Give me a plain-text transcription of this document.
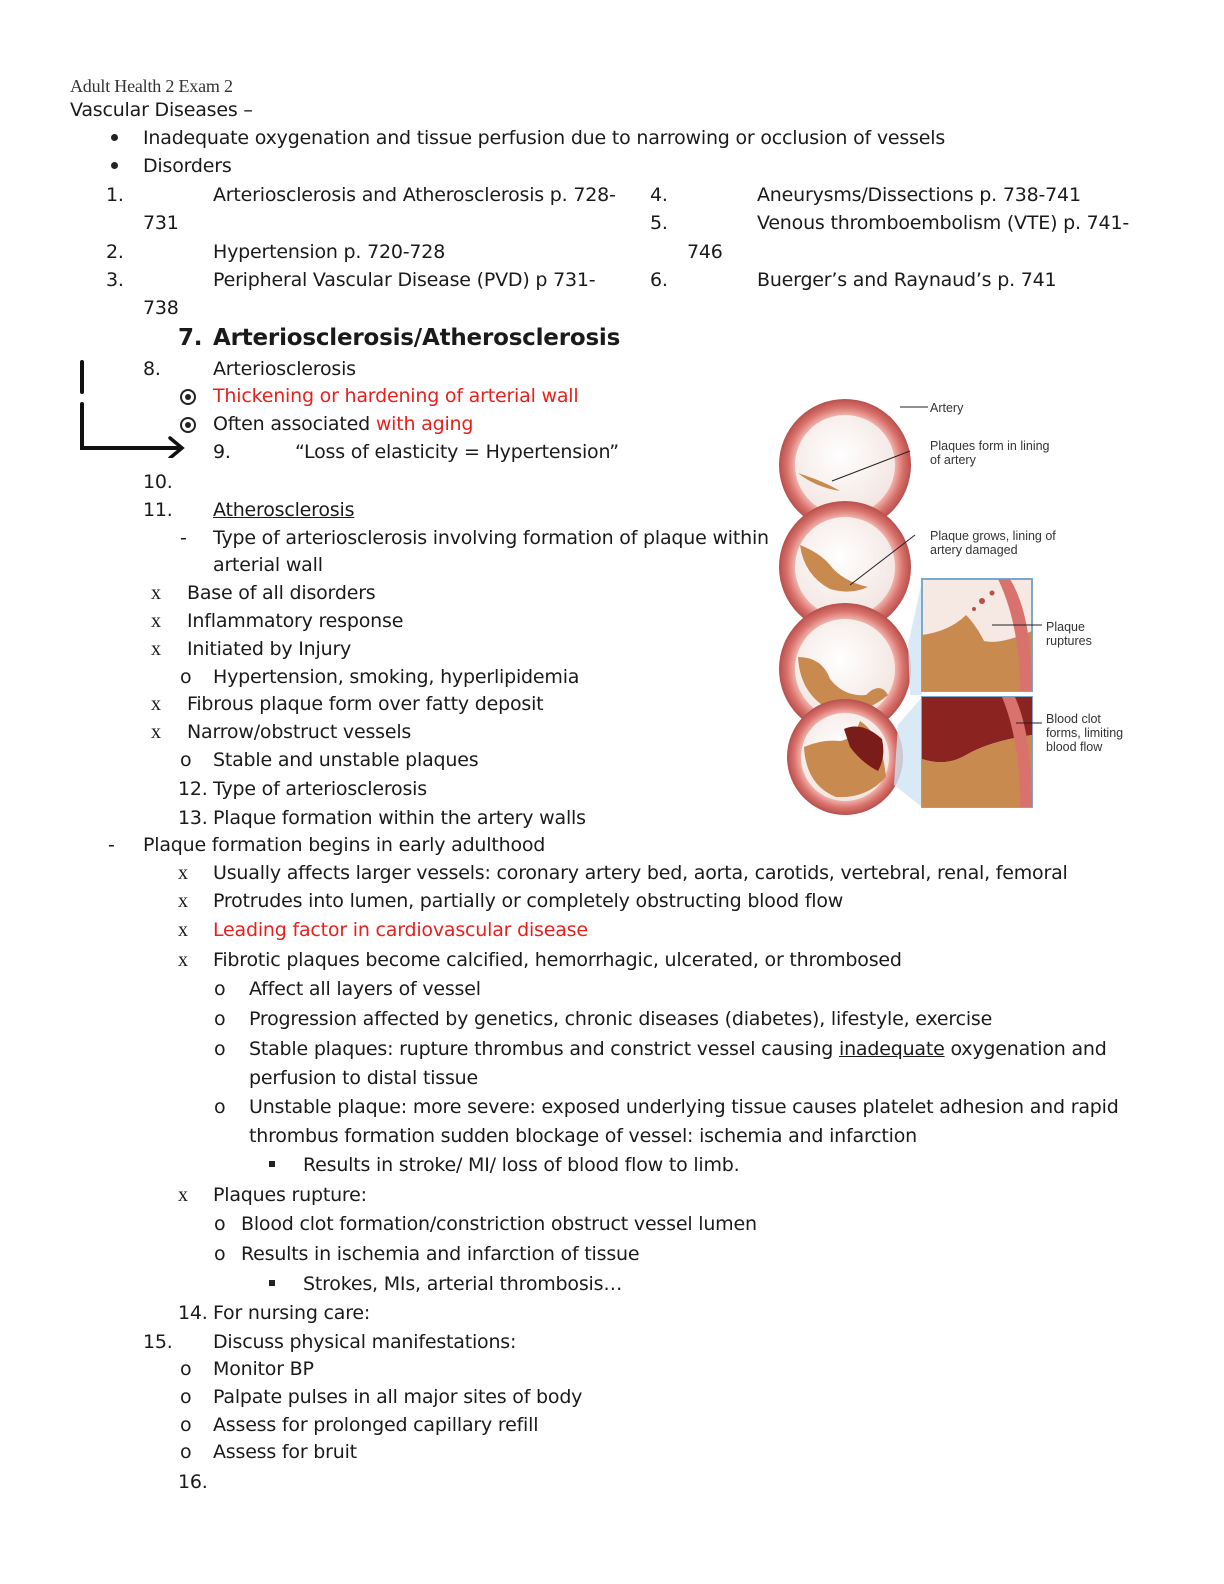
Adult Health 2 Exam 2
Vascular Diseases –
Inadequate oxygenation and tissue perfusion due to narrowing or occlusion of vessels
Disorders
1.	Arteriosclerosis and Atherosclerosis p. 728-
731
2.	Hypertension p. 720-728
3.	Peripheral Vascular Disease (PVD) p 731-
738
4.	Aneurysms/Dissections p. 738-741
5.	Venous thromboembolism (VTE) p. 741-
746
6.	Buerger’s and Raynaud’s p. 741
7. Arteriosclerosis/Atherosclerosis
8.	Arteriosclerosis
Thickening or hardening of arterial wall
Often associated with aging
9.	“Loss of elasticity = Hypertension”
10.
11. Atherosclerosis
- Type of arteriosclerosis involving formation of plaque within
arterial wall
x Base of all disorders
x Inflammatory response
x Initiated by Injury
o Hypertension, smoking, hyperlipidemia
x Fibrous plaque form over fatty deposit
x Narrow/obstruct vessels
o Stable and unstable plaques
12. Type of arteriosclerosis
13. Plaque formation within the artery walls
- Plaque formation begins in early adulthood
x Usually affects larger vessels: coronary artery bed, aorta, carotids, vertebral, renal, femoral
x Protrudes into lumen, partially or completely obstructing blood flow
x Leading factor in cardiovascular disease
x Fibrotic plaques become calcified, hemorrhagic, ulcerated, or thrombosed
o Affect all layers of vessel
o Progression affected by genetics, chronic diseases (diabetes), lifestyle, exercise
o Stable plaques: rupture thrombus and constrict vessel causing inadequate oxygenation and
perfusion to distal tissue
o Unstable plaque: more severe: exposed underlying tissue causes platelet adhesion and rapid
thrombus formation sudden blockage of vessel: ischemia and infarction
Results in stroke/ MI/ loss of blood flow to limb.
x Plaques rupture:
o Blood clot formation/constriction obstruct vessel lumen
o Results in ischemia and infarction of tissue
Strokes, MIs, arterial thrombosis…
14. For nursing care:
15. Discuss physical manifestations:
o Monitor BP
o Palpate pulses in all major sites of body
o Assess for prolonged capillary refill
o Assess for bruit
16.
Artery
Plaques form in lining
of artery
Plaque grows, lining of
artery damaged
Plaque
ruptures
Blood clot
forms, limiting
blood flow
